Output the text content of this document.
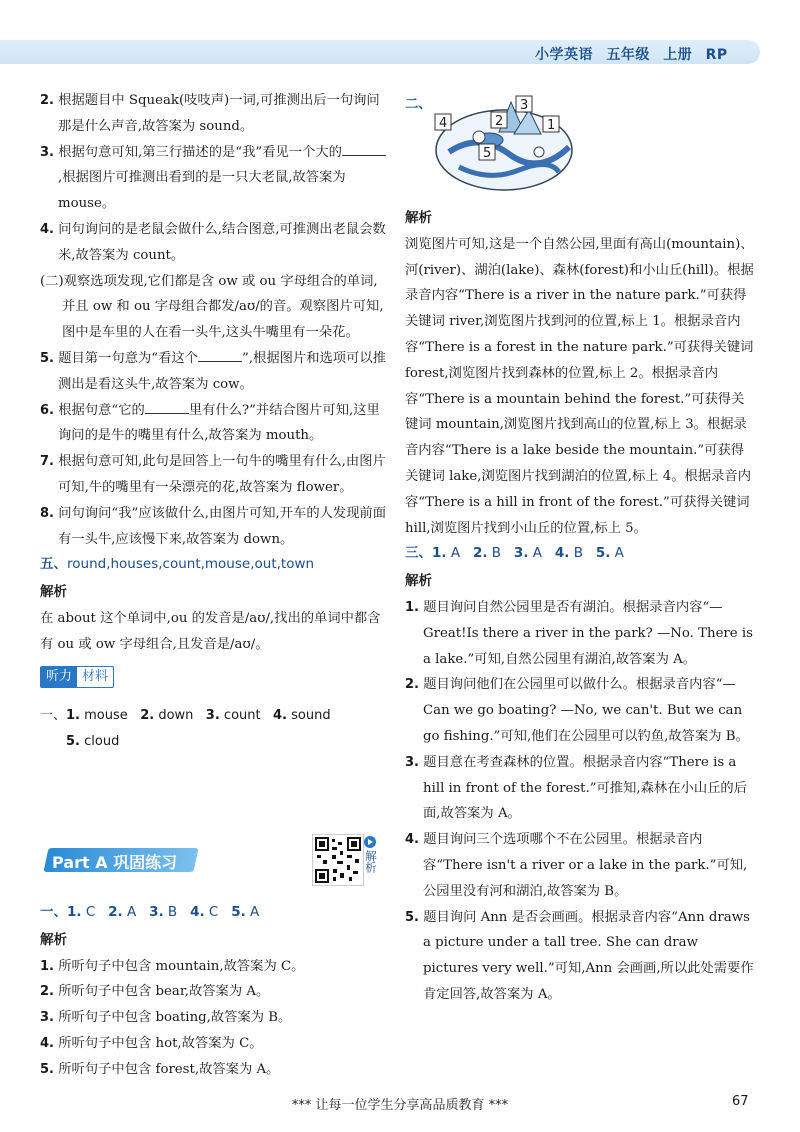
小学英语 五年级 上册 RP

2. 根据题目中 Squeak(吱吱声)一词,可推测出后一句询问那是什么声音,故答案为 sound。

3. 根据句意可知,第三行描述的是“我”看见一个大的,根据图片可推测出看到的是一只大老鼠,故答案为 mouse。

4. 问句询问的是老鼠会做什么,结合图意,可推测出老鼠会数米,故答案为 count。

(二)观察选项发现,它们都是含 ow 或 ou 字母组合的单词,并且 ow 和 ou 字母组合都发/aʊ/的音。观察图片可知,图中是车里的人在看一头牛,这头牛嘴里有一朵花。

5. 题目第一句意为“看这个	”,根据图片和选项可以推测出是看这头牛,故答案为 cow。

6. 根据句意“它的	里有什么?”并结合图片可知,这里询问的是牛的嘴里有什么,故答案为 mouth。

7. 根据句意可知,此句是回答上一句牛的嘴里有什么,由图片可知,牛的嘴里有一朵漂亮的花,故答案为 flower。

8. 问句询问“我”应该做什么,由图片可知,开车的人发现前面有一头牛,应该慢下来,故答案为 down。

五、round,houses,count,mouse,out,town

解析

在 about 这个单词中,ou 的发音是/aʊ/,找出的单词中都含有 ou 或 ow 字母组合,且发音是/aʊ/。

听力 材料

一、1. mouse 2. down 3. count 4. sound
5. cloud

Part A 巩固练习	解析

一、1. C 2. A 3. B 4. C 5. A

解析

1. 所听句子中包含 mountain,故答案为 C。

2. 所听句子中包含 bear,故答案为 A。

3. 所听句子中包含 boating,故答案为 B。

4. 所听句子中包含 hot,故答案为 C。

5. 所听句子中包含 forest,故答案为 A。

二、
4	2
3
1
5

解析

浏览图片可知,这是一个自然公园,里面有高山(mountain)、河(river)、湖泊(lake)、森林(forest)和小山丘(hill)。根据录音内容“There is a river in the nature park.”可获得关键词 river,浏览图片找到河的位置,标上 1。根据录音内容“There is a forest in the nature park.”可获得关键词 forest,浏览图片找到森林的位置,标上 2。根据录音内容“There is a mountain behind the forest.”可获得关键词 mountain,浏览图片找到高山的位置,标上 3。根据录音内容“There is a lake beside the mountain.”可获得关键词 lake,浏览图片找到湖泊的位置,标上 4。根据录音内容“There is a hill in front of the forest.”可获得关键词 hill,浏览图片找到小山丘的位置,标上 5。

三、1. A 2. B 3. A 4. B 5. A

解析

1. 题目询问自然公园里是否有湖泊。根据录音内容“—Great!Is there a river in the park? —No. There is a lake.”可知,自然公园里有湖泊,故答案为 A。

2. 题目询问他们在公园里可以做什么。根据录音内容“—Can we go boating? —No, we can't. But we can go fishing.”可知,他们在公园里可以钓鱼,故答案为 B。

3. 题目意在考查森林的位置。根据录音内容“There is a hill in front of the forest.”可推知,森林在小山丘的后面,故答案为 A。

4. 题目询问三个选项哪个不在公园里。根据录音内容“There isn't a river or a lake in the park.”可知,公园里没有河和湖泊,故答案为 B。

5. 题目询问 Ann 是否会画画。根据录音内容“Ann draws a picture under a tall tree. She can draw pictures very well.”可知,Ann 会画画,所以此处需要作肯定回答,故答案为 A。

*** 让每一位学生分享高品质教育 ***	67
